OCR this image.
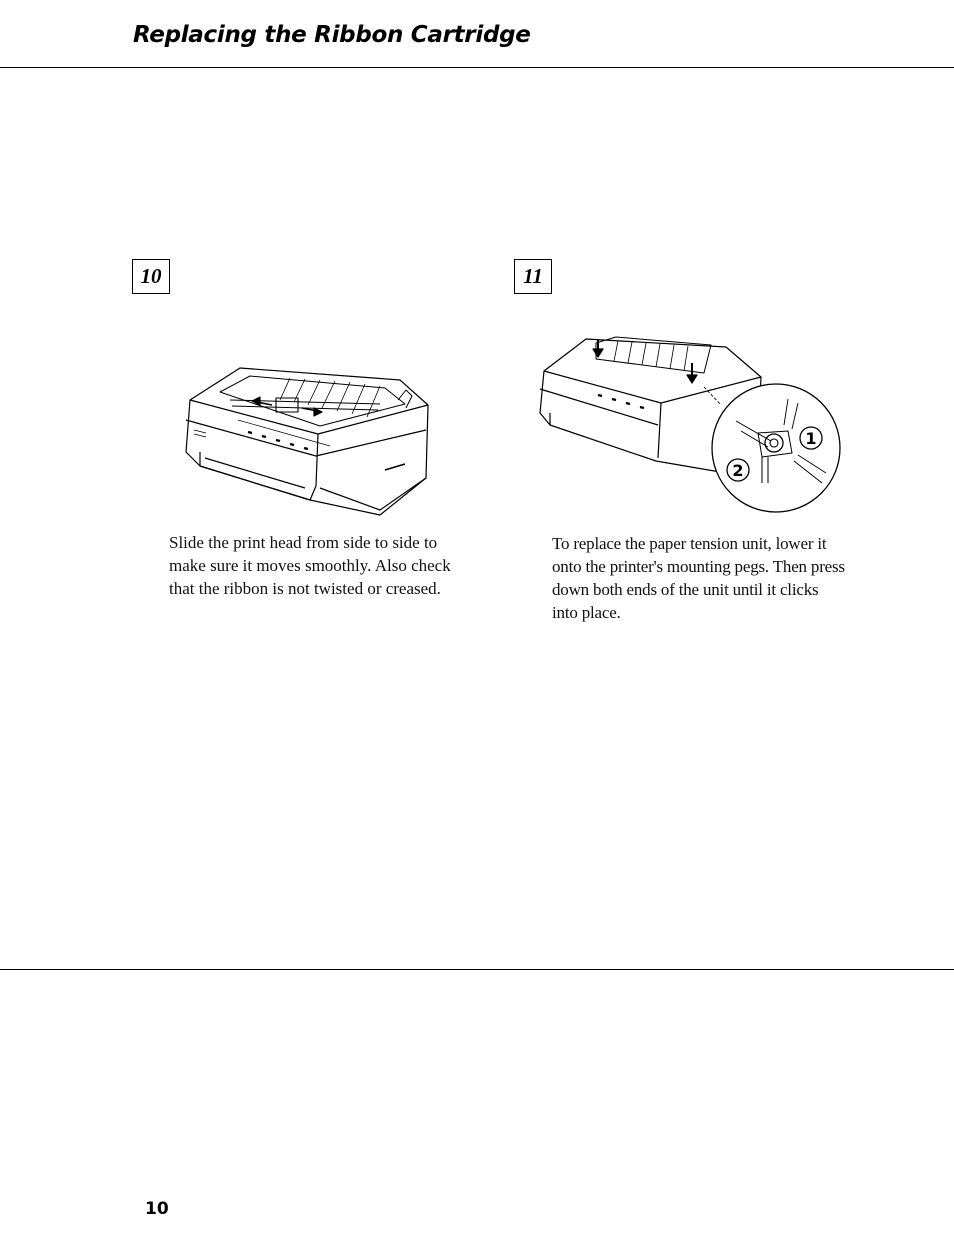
Replacing the Ribbon Cartridge
10	11
1
2

Slide the print head from side to side to make sure it moves smoothly. Also check that the ribbon is not twisted or creased.

To replace the paper tension unit, lower it onto the printer's mounting pegs. Then press down both ends of the unit until it clicks into place.

10
